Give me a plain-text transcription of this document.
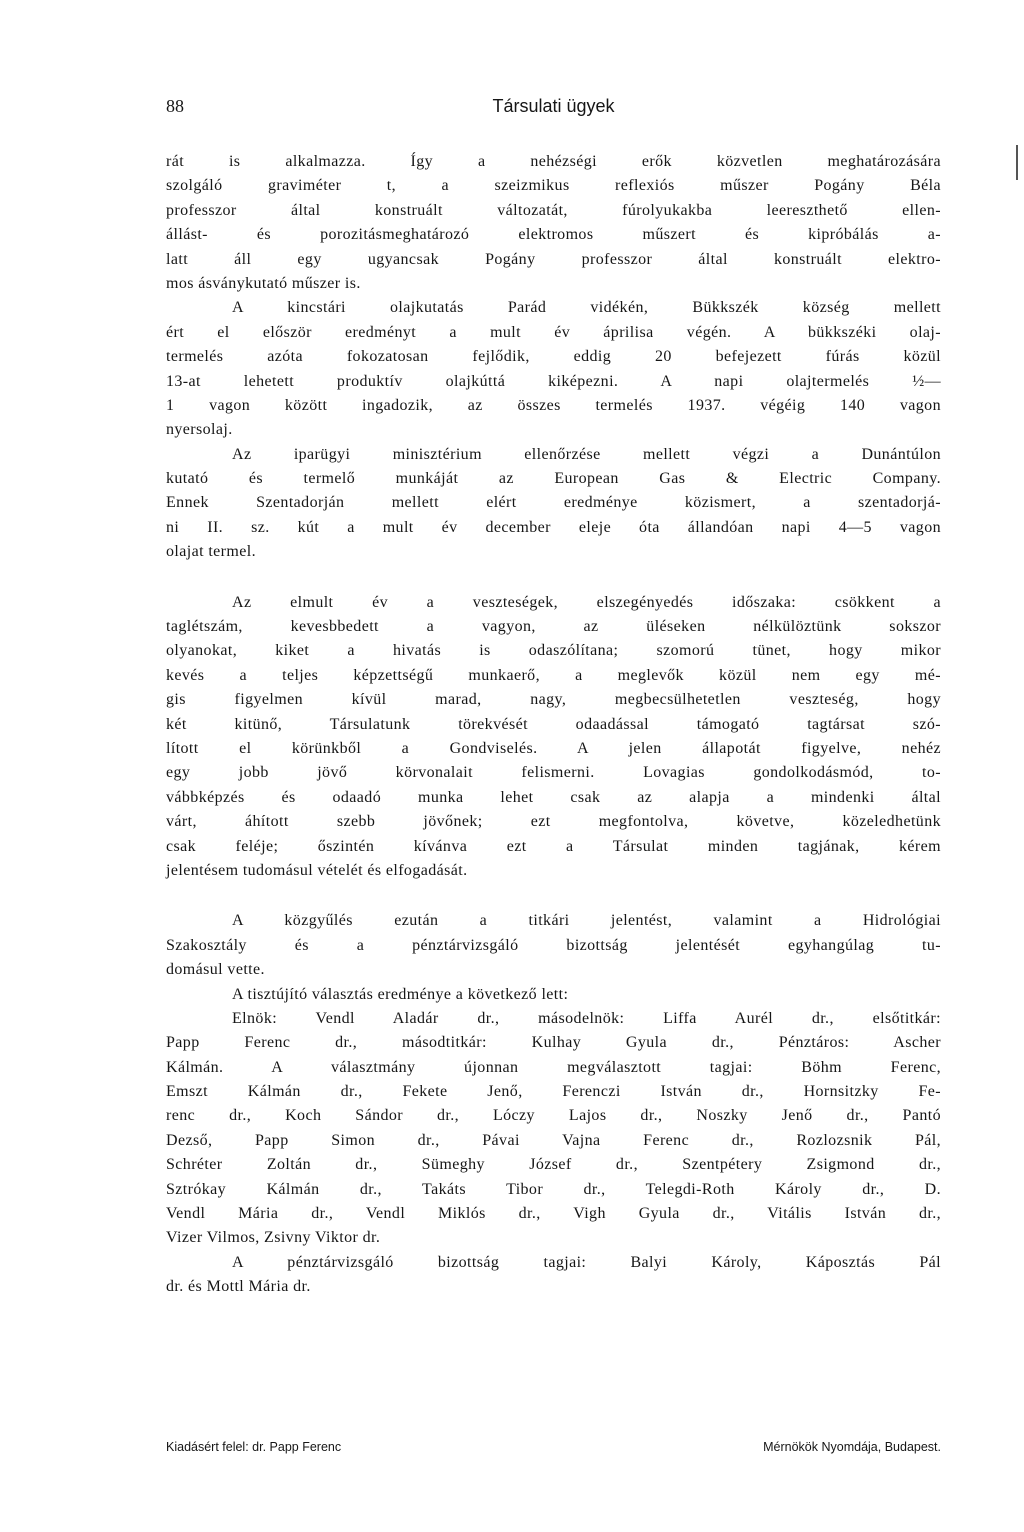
88	Társulati ügyek
rát is alkalmazza. Így a nehézségi erők közvetlen meghatározására
szolgáló graviméter t, a szeizmikus reflexiós műszer Pogány Béla
professzor által konstruált változatát, fúrolyukakba leereszthető ellen-
állást- és porozitásmeghatározó elektromos műszert és kipróbálás a-
latt áll egy ugyancsak Pogány professzor által konstruált elektro-
mos ásványkutató műszer is.
A kincstári olajkutatás Parád vidékén, Bükkszék község mellett
ért el először eredményt a mult év áprilisa végén. A bükkszéki olaj-
termelés azóta fokozatosan fejlődik, eddig 20 befejezett fúrás közül
13-at lehetett produktív olajkúttá kiképezni. A napi olajtermelés ½—
1 vagon között ingadozik, az összes termelés 1937. végéig 140 vagon
nyersolaj.
Az iparügyi minisztérium ellenőrzése mellett végzi a Dunántúlon
kutató és termelő munkáját az European Gas & Electric Company.
Ennek Szentadorján mellett elért eredménye közismert, a szentadorjá-
ni II. sz. kút a mult év december eleje óta állandóan napi 4—5 vagon
olajat termel.
Az elmult év a veszteségek, elszegényedés időszaka: csökkent a
taglétszám, kevesbbedett a vagyon, az üléseken nélkülöztünk sokszor
olyanokat, kiket a hivatás is odaszólítana; szomorú tünet, hogy mikor
kevés a teljes képzettségű munkaerő, a meglevők közül nem egy mé-
gis figyelmen kívül marad, nagy, megbecsülhetetlen veszteség, hogy
két kitünő, Társulatunk törekvését odaadással támogató tagtársat szó-
lított el körünkből a Gondviselés. A jelen állapotát figyelve, nehéz
egy jobb jövő körvonalait felismerni. Lovagias gondolkodásmód, to-
vábbképzés és odaadó munka lehet csak az alapja a mindenki által
várt, áhított szebb jövőnek; ezt megfontolva, követve, közeledhetünk
csak feléje; őszintén kívánva ezt a Társulat minden tagjának, kérem
jelentésem tudomásul vételét és elfogadását.
A közgyűlés ezután a titkári jelentést, valamint a Hidrológiai
Szakosztály és a pénztárvizsgáló bizottság jelentését egyhangúlag tu-
domásul vette.
A tisztújító választás eredménye a következő lett:
Elnök: Vendl Aladár dr., másodelnök: Liffa Aurél dr., elsőtitkár:
Papp Ferenc dr., másodtitkár: Kulhay Gyula dr., Pénztáros: Ascher
Kálmán. A választmány újonnan megválasztott tagjai: Böhm Ferenc,
Emszt Kálmán dr., Fekete Jenő, Ferenczi István dr., Hornsitzky Fe-
renc dr., Koch Sándor dr., Lóczy Lajos dr., Noszky Jenő dr., Pantó
Dezső, Papp Simon dr., Pávai Vajna Ferenc dr., Rozlozsnik Pál,
Schréter Zoltán dr., Sümeghy József dr., Szentpétery Zsigmond dr.,
Sztrókay Kálmán dr., Takáts Tibor dr., Telegdi-Roth Károly dr., D.
Vendl Mária dr., Vendl Miklós dr., Vigh Gyula dr., Vitális István dr.,
Vizer Vilmos, Zsivny Viktor dr.
A pénztárvizsgáló bizottság tagjai: Balyi Károly, Káposztás Pál
dr. és Mottl Mária dr.
Kiadásért felel: dr. Papp Ferenc	Mérnökök Nyomdája, Budapest.
